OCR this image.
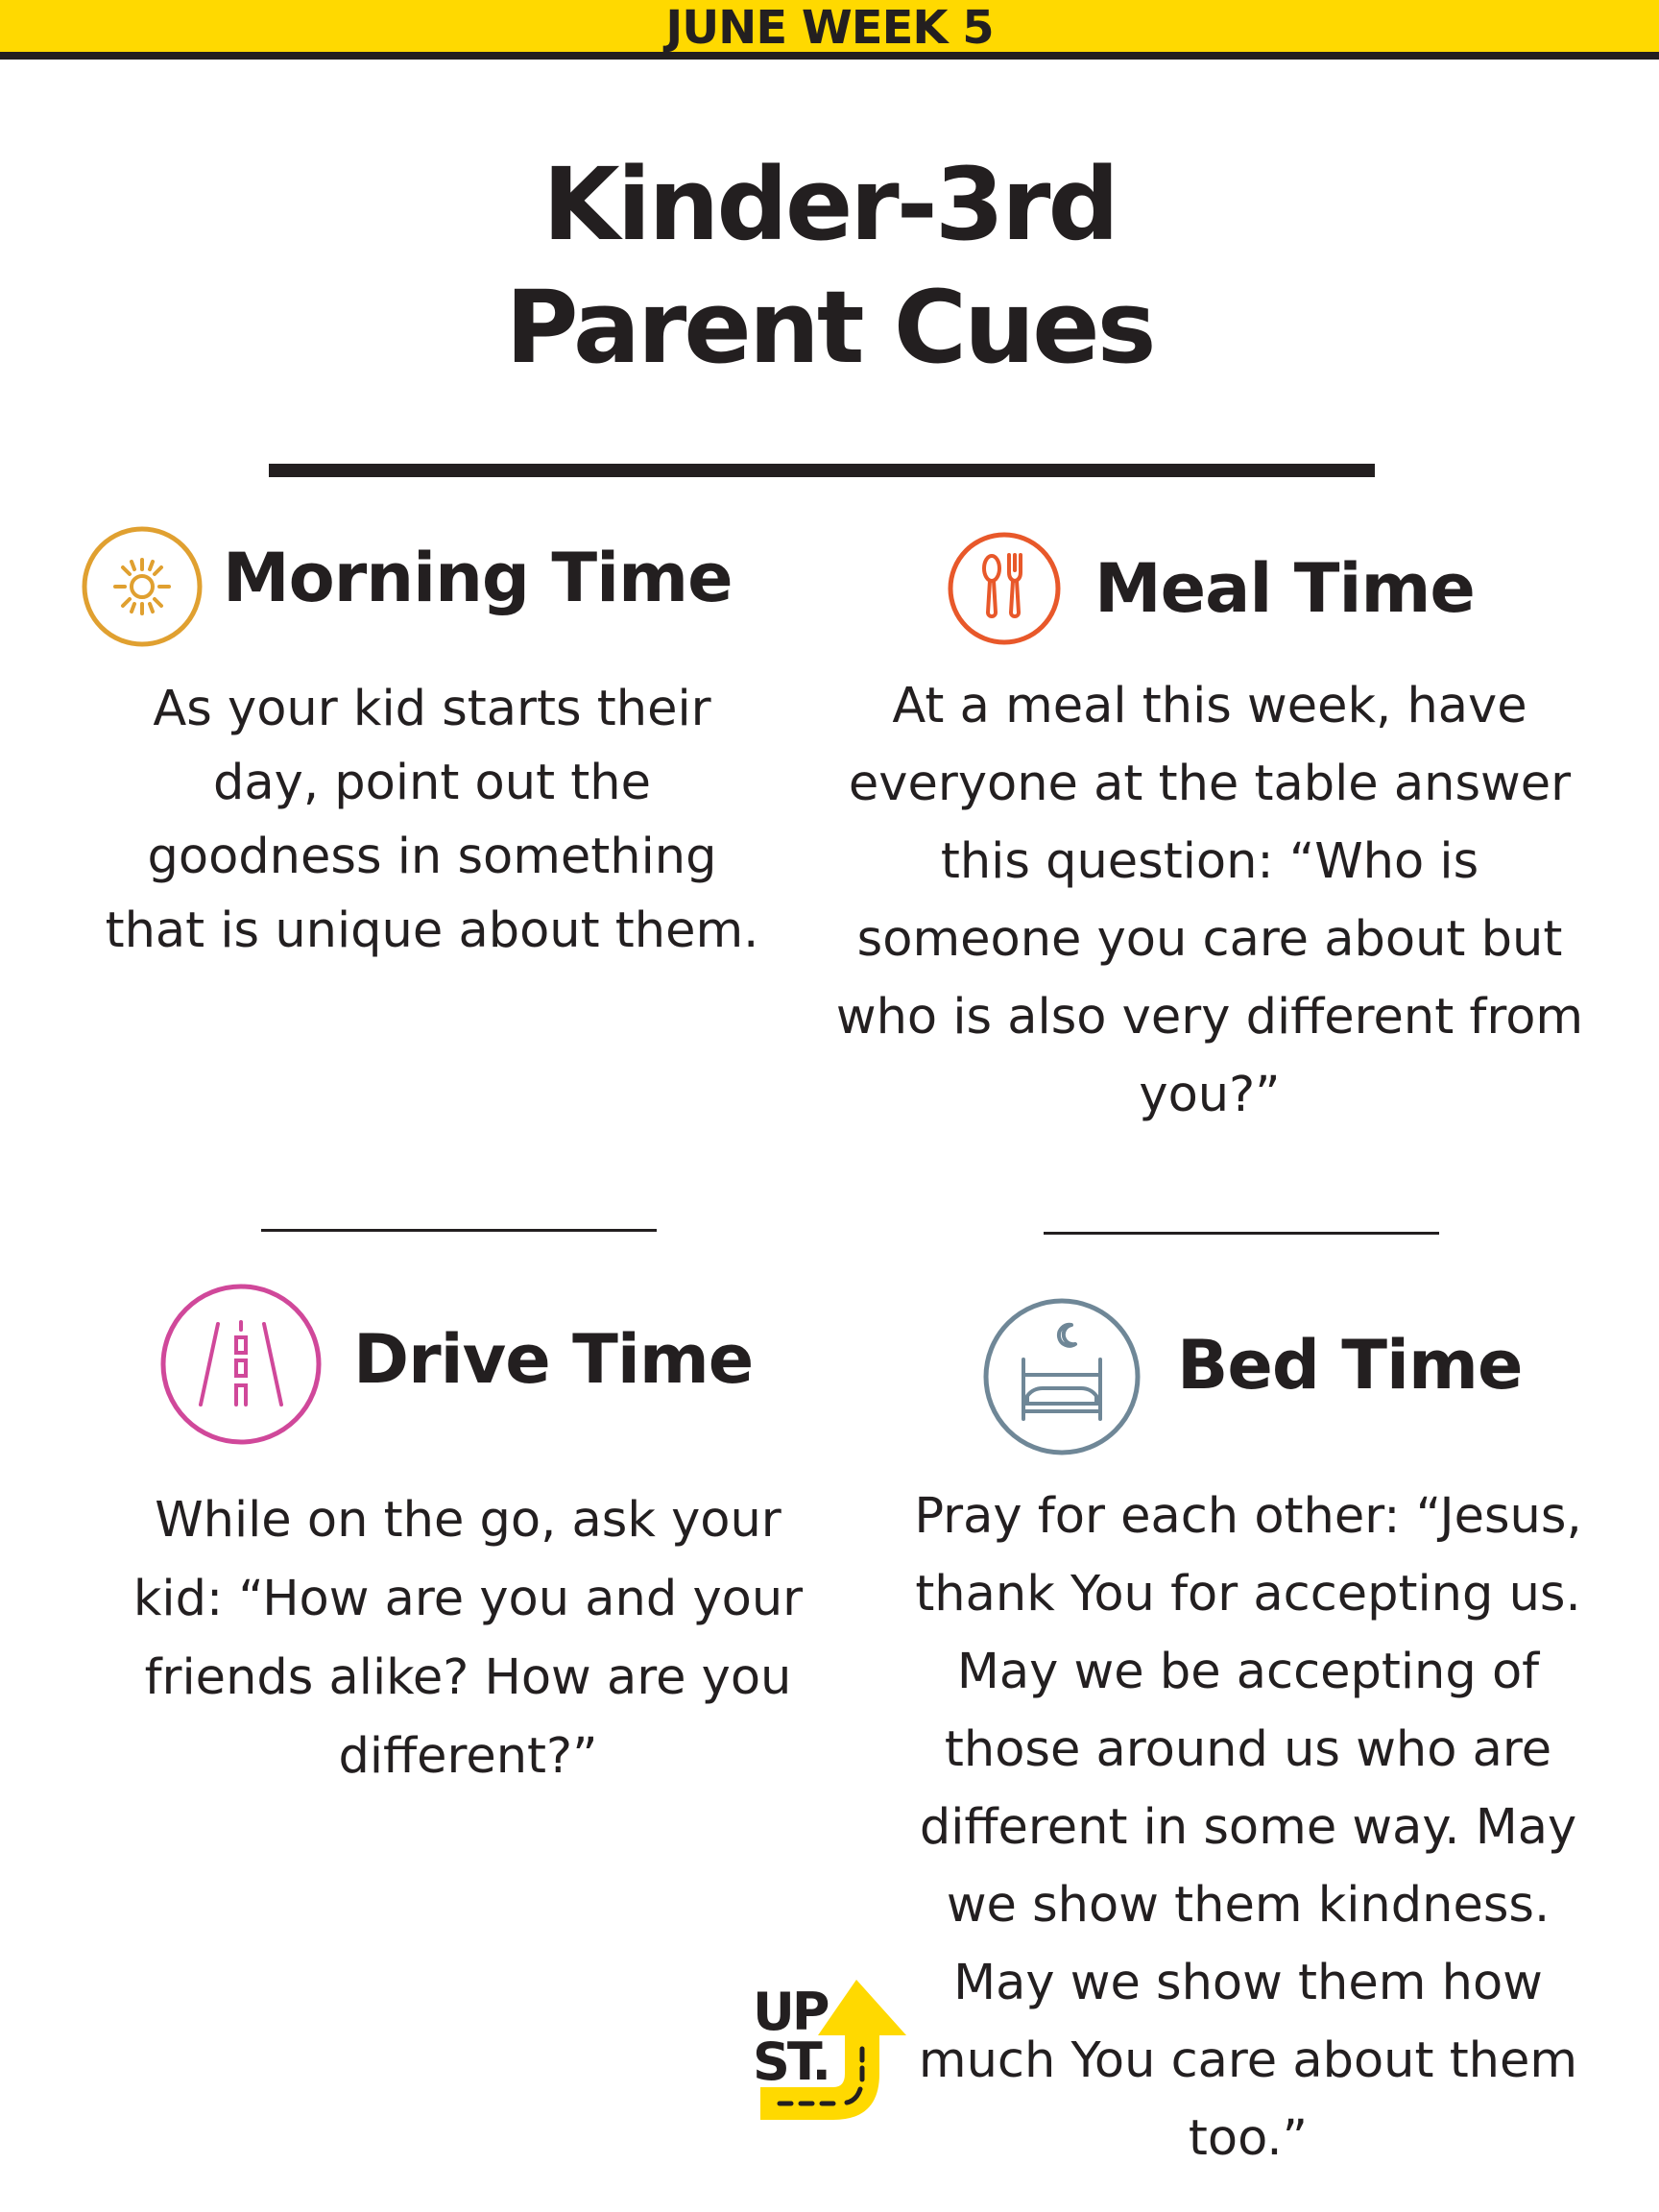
JUNE WEEK 5
Kinder-3rd
Parent Cues
Morning Time
As your kid starts their
day, point out the
goodness in something
that is unique about them.
Meal Time
At a meal this week, have
everyone at the table answer
this question: “Who is
someone you care about but
who is also very different from
you?”
Drive Time
While on the go, ask your
kid: “How are you and your
friends alike? How are you
different?”
Bed Time
Pray for each other: “Jesus,
thank You for accepting us.
May we be accepting of
those around us who are
different in some way. May
we show them kindness.
May we show them how
much You care about them
too.”
UP
ST.
